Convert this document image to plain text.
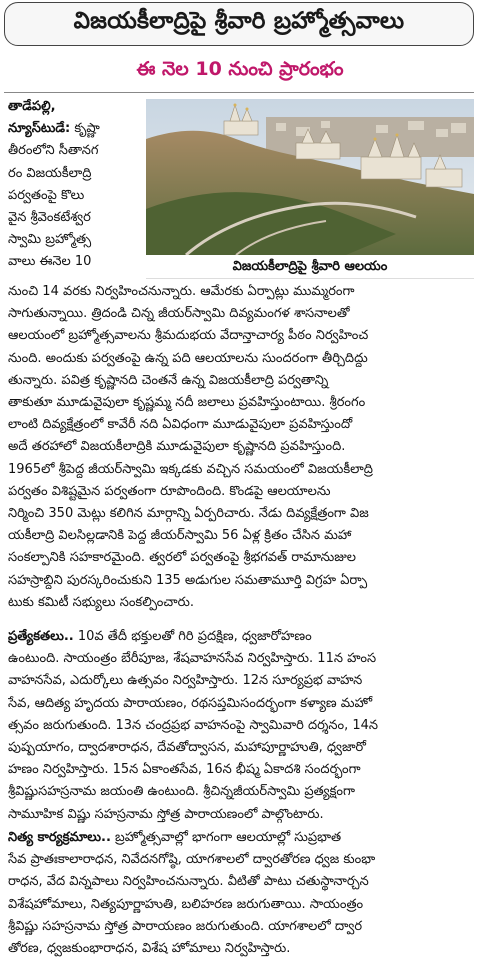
విజయకీలాద్రిపై శ్రీవారి బ్రహ్మోత్సవాలు
ఈ నెల 10 నుంచి ప్రారంభం
విజయకీలాద్రిపై శ్రీవారి ఆలయం
తాడేపల్లి,
న్యూస్‌టుడే: కృష్ణా
తీరంలోని సీతానగ
రం విజయకీలాద్రి
పర్వతంపై కొలు
వైన శ్రీవెంకటేశ్వర
స్వామి బ్రహ్మోత్స
వాలు ఈనెల 10
నుంచి 14 వరకు నిర్వహించనున్నారు. ఆమేరకు ఏర్పాట్లు ముమ్మరంగా
సాగుతున్నాయి. త్రిదండి చిన్న జీయర్‌స్వామి దివ్యమంగళ శాసనాలతో
ఆలయంలో బ్రహ్మోత్సవాలను శ్రీమదుభయ వేదాన్తాచార్య పీఠం నిర్వహించ
నుంది. అందుకు పర్వతంపై ఉన్న పది ఆలయాలను సుందరంగా తీర్చిదిద్దు
తున్నారు. పవిత్ర కృష్ణానది చెంతనే ఉన్న విజయకీలాద్రి పర్వతాన్ని
తాకుతూ మూడువైపులా కృష్ణమ్మ నదీ జలాలు ప్రవహిస్తుంటాయి. శ్రీరంగం
లాంటి దివ్యక్షేత్రంలో కావేరీ నది ఏవిధంగా మూడువైపులా ప్రవహిస్తుందో
అదే తరహాలో విజయకీలాద్రికి మూడువైపులా కృష్ణానది ప్రవహిస్తుంది.
1965లో శ్రీపెద్ద జీయర్‌స్వామి ఇక్కడకు వచ్చిన సమయంలో విజయకీలాద్రి
పర్వతం విశిష్టమైన పర్వతంగా రూపొందింది. కొండపై ఆలయాలను
నిర్మించి 350 మెట్లు కలిగిన మార్గాన్ని ఏర్పరిచారు. నేడు దివ్యక్షేత్రంగా విజ
యకీలాద్రి విలసిల్లడానికి పెద్ద జీయర్‌స్వామి 56 ఏళ్ల క్రితం చేసిన మహా
సంకల్పానికి సహకారమైంది. త్వరలో పర్వతంపై శ్రీభగవత్ రామానుజుల
సహస్రాబ్దిని పురస్కరించుకుని 135 అడుగుల సమతామూర్తి విగ్రహ ఏర్పా
టుకు కమిటీ సభ్యులు సంకల్పించారు.
ప్రత్యేకతలు.. 10వ తేదీ భక్తులతో గిరి ప్రదక్షిణ, ధ్వజారోహణం
ఉంటుంది. సాయంత్రం బేరీపూజ, శేషవాహనసేవ నిర్వహిస్తారు. 11న హంస
వాహనసేవ, ఎదుర్కోలు ఉత్సవం నిర్వహిస్తారు. 12న సూర్యప్రభ వాహన
సేవ, ఆదిత్య హృదయ పారాయణం, రథసప్తమిసందర్భంగా కళ్యాణ మహో
త్సవం జరుగుతుంది. 13న చంద్రప్రభ వాహనంపై స్వామివారి దర్శనం, 14న
పుష్పయాగం, ద్వాదశారాధన, దేవతోద్వాసన, మహాపూర్ణాహుతి, ధ్వజారో
హణం నిర్వహిస్తారు. 15న ఏకాంతసేవ, 16న భీష్మ ఏకాదశి సందర్భంగా
శ్రీవిష్ణుసహస్రనామ జయంతి ఉంటుంది. శ్రీచిన్నజీయర్‌స్వామి ప్రత్యక్షంగా
సామూహిక విష్ణు సహస్రనామ స్తోత్ర పారాయణంలో పాల్గొంటారు.
నిత్య కార్యక్రమాలు.. బ్రహ్మోత్సవాల్లో భాగంగా ఆలయాల్లో సుప్రభాత
సేవ ప్రాతఃకాలారాధన, నివేదనగోష్ఠి, యాగశాలలో ద్వారతోరణ ధ్వజ కుంభా
రాధన, వేద విన్నపాలు నిర్వహించనున్నారు. వీటితో పాటు చతుస్థానార్చన
విశేషహోమాలు, నిత్యపూర్ణాహుతి, బలిహరణ జరుగుతాయి. సాయంత్రం
శ్రీవిష్ణు సహస్రనామ స్తోత్ర పారాయణం జరుగుతుంది. యాగశాలలో ద్వార
తోరణ, ధ్వజకుంభారాధన, విశేష హోమాలు నిర్వహిస్తారు.
